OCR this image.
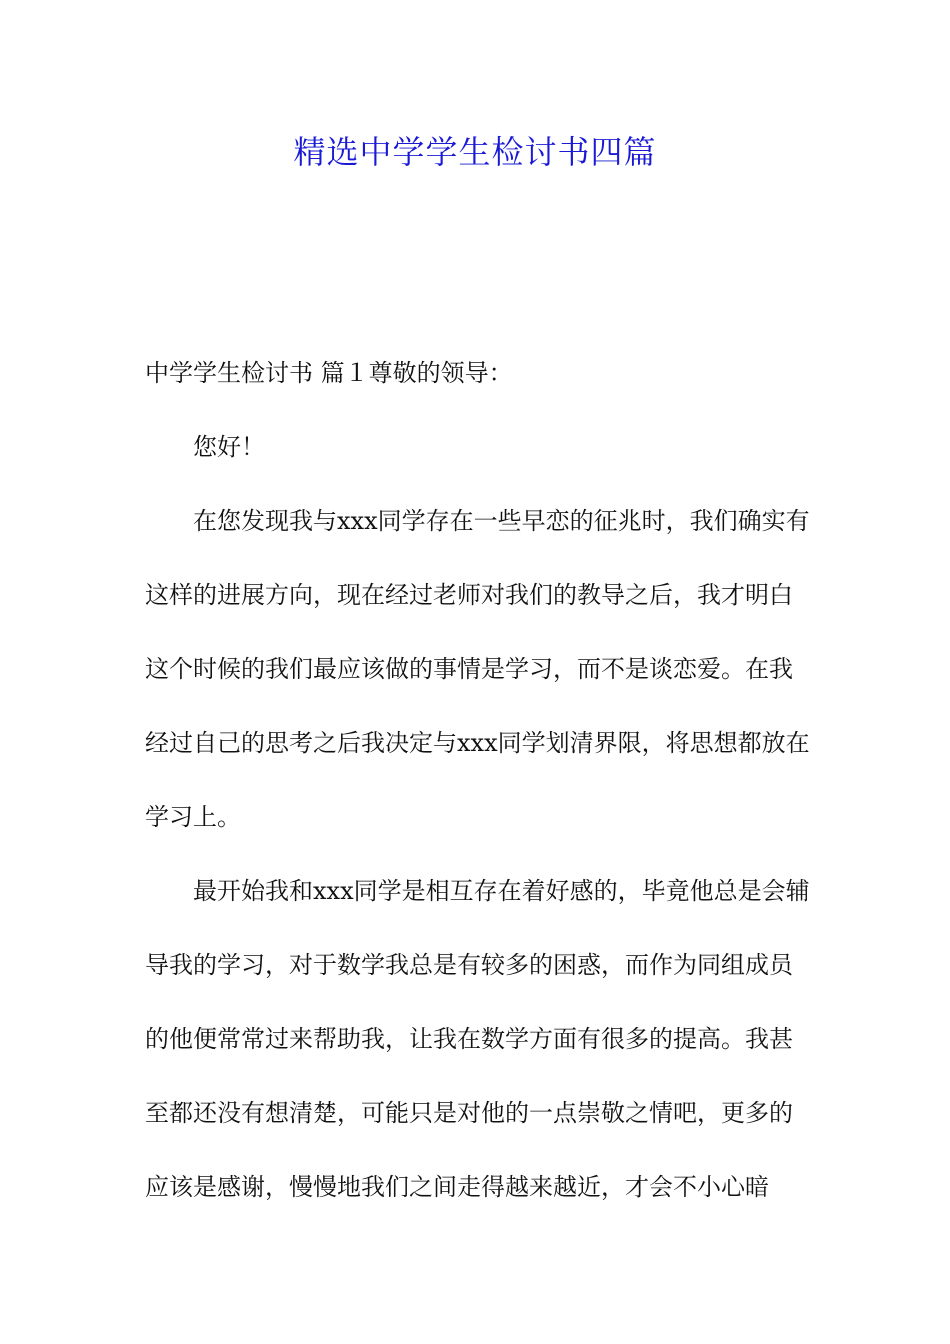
精选中学学生检讨书四篇

中学学生检讨书 篇１尊敬的领导：

您好！

在您发现我与xxx同学存在一些早恋的征兆时，我们确实有这样的进展方向，现在经过老师对我们的教导之后，我才明白这个时候的我们最应该做的事情是学习，而不是谈恋爱。在我经过自己的思考之后我决定与xxx同学划清界限，将思想都放在学习上。

最开始我和xxx同学是相互存在着好感的，毕竟他总是会辅导我的学习，对于数学我总是有较多的困惑，而作为同组成员的他便常常过来帮助我，让我在数学方面有很多的提高。我甚至都还没有想清楚，可能只是对他的一点崇敬之情吧，更多的应该是感谢，慢慢地我们之间走得越来越近，才会不小心暗
